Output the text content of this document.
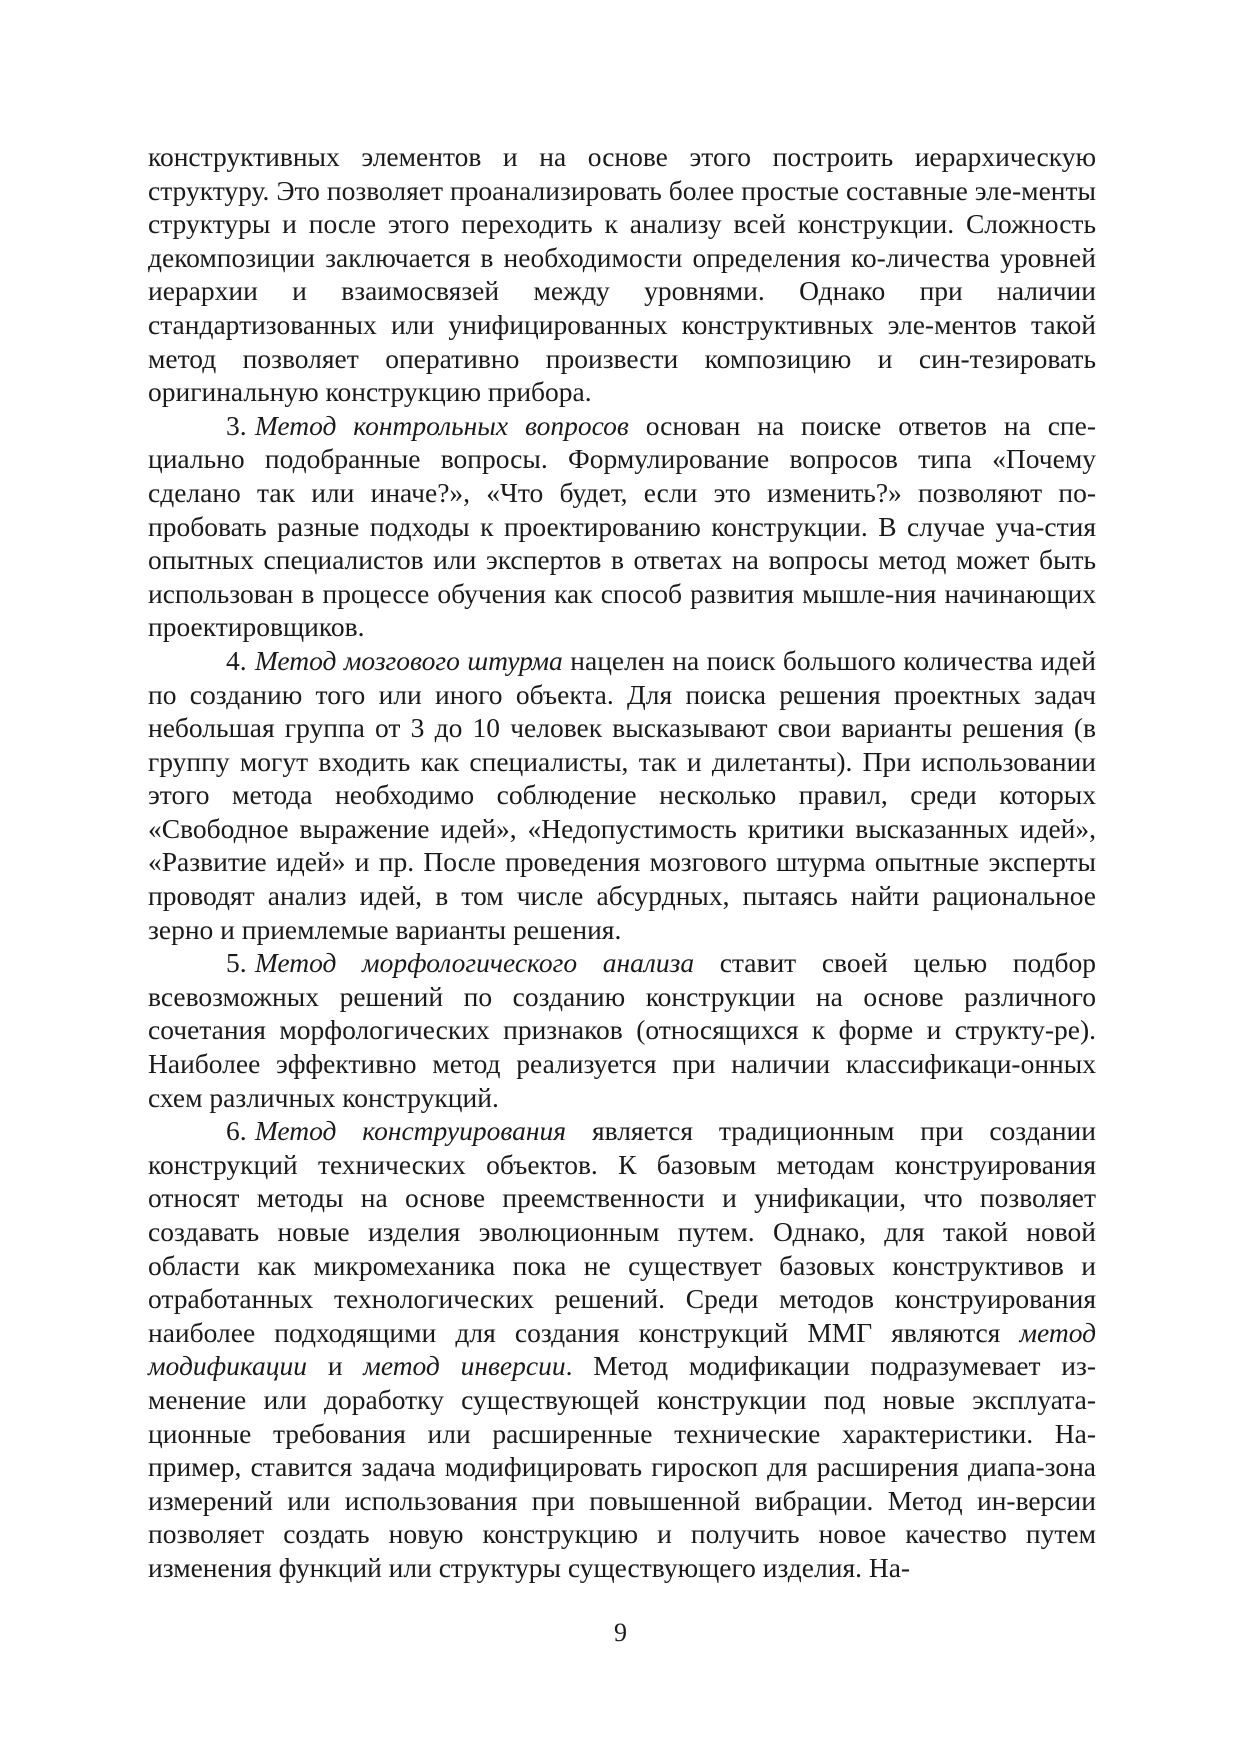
конструктивных элементов и на основе этого построить иерархическую структуру. Это позволяет проанализировать более простые составные эле-менты структуры и после этого переходить к анализу всей конструкции. Сложность декомпозиции заключается в необходимости определения ко-личества уровней иерархии и взаимосвязей между уровнями. Однако при наличии стандартизованных или унифицированных конструктивных эле-ментов такой метод позволяет оперативно произвести композицию и син-тезировать оригинальную конструкцию прибора.

3. Метод контрольных вопросов основан на поиске ответов на спе-циально подобранные вопросы. Формулирование вопросов типа «Почему сделано так или иначе?», «Что будет, если это изменить?» позволяют по-пробовать разные подходы к проектированию конструкции. В случае уча-стия опытных специалистов или экспертов в ответах на вопросы метод может быть использован в процессе обучения как способ развития мышле-ния начинающих проектировщиков.

4. Метод мозгового штурма нацелен на поиск большого количества идей по созданию того или иного объекта. Для поиска решения проектных задач небольшая группа от 3 до 10 человек высказывают свои варианты решения (в группу могут входить как специалисты, так и дилетанты). При использовании этого метода необходимо соблюдение несколько правил, среди которых «Свободное выражение идей», «Недопустимость критики высказанных идей», «Развитие идей» и пр. После проведения мозгового штурма опытные эксперты проводят анализ идей, в том числе абсурдных, пытаясь найти рациональное зерно и приемлемые варианты решения.

5. Метод морфологического анализа ставит своей целью подбор всевозможных решений по созданию конструкции на основе различного сочетания морфологических признаков (относящихся к форме и структу-ре). Наиболее эффективно метод реализуется при наличии классификаци-онных схем различных конструкций.

6. Метод конструирования является традиционным при создании конструкций технических объектов. К базовым методам конструирования относят методы на основе преемственности и унификации, что позволяет создавать новые изделия эволюционным путем. Однако, для такой новой области как микромеханика пока не существует базовых конструктивов и отработанных технологических решений. Среди методов конструирования наиболее подходящими для создания конструкций ММГ являются метод модификации и метод инверсии. Метод модификации подразумевает из-менение или доработку существующей конструкции под новые эксплуата-ционные требования или расширенные технические характеристики. На-пример, ставится задача модифицировать гироскоп для расширения диапа-зона измерений или использования при повышенной вибрации. Метод ин-версии позволяет создать новую конструкцию и получить новое качество путем изменения функций или структуры существующего изделия. На-

9
